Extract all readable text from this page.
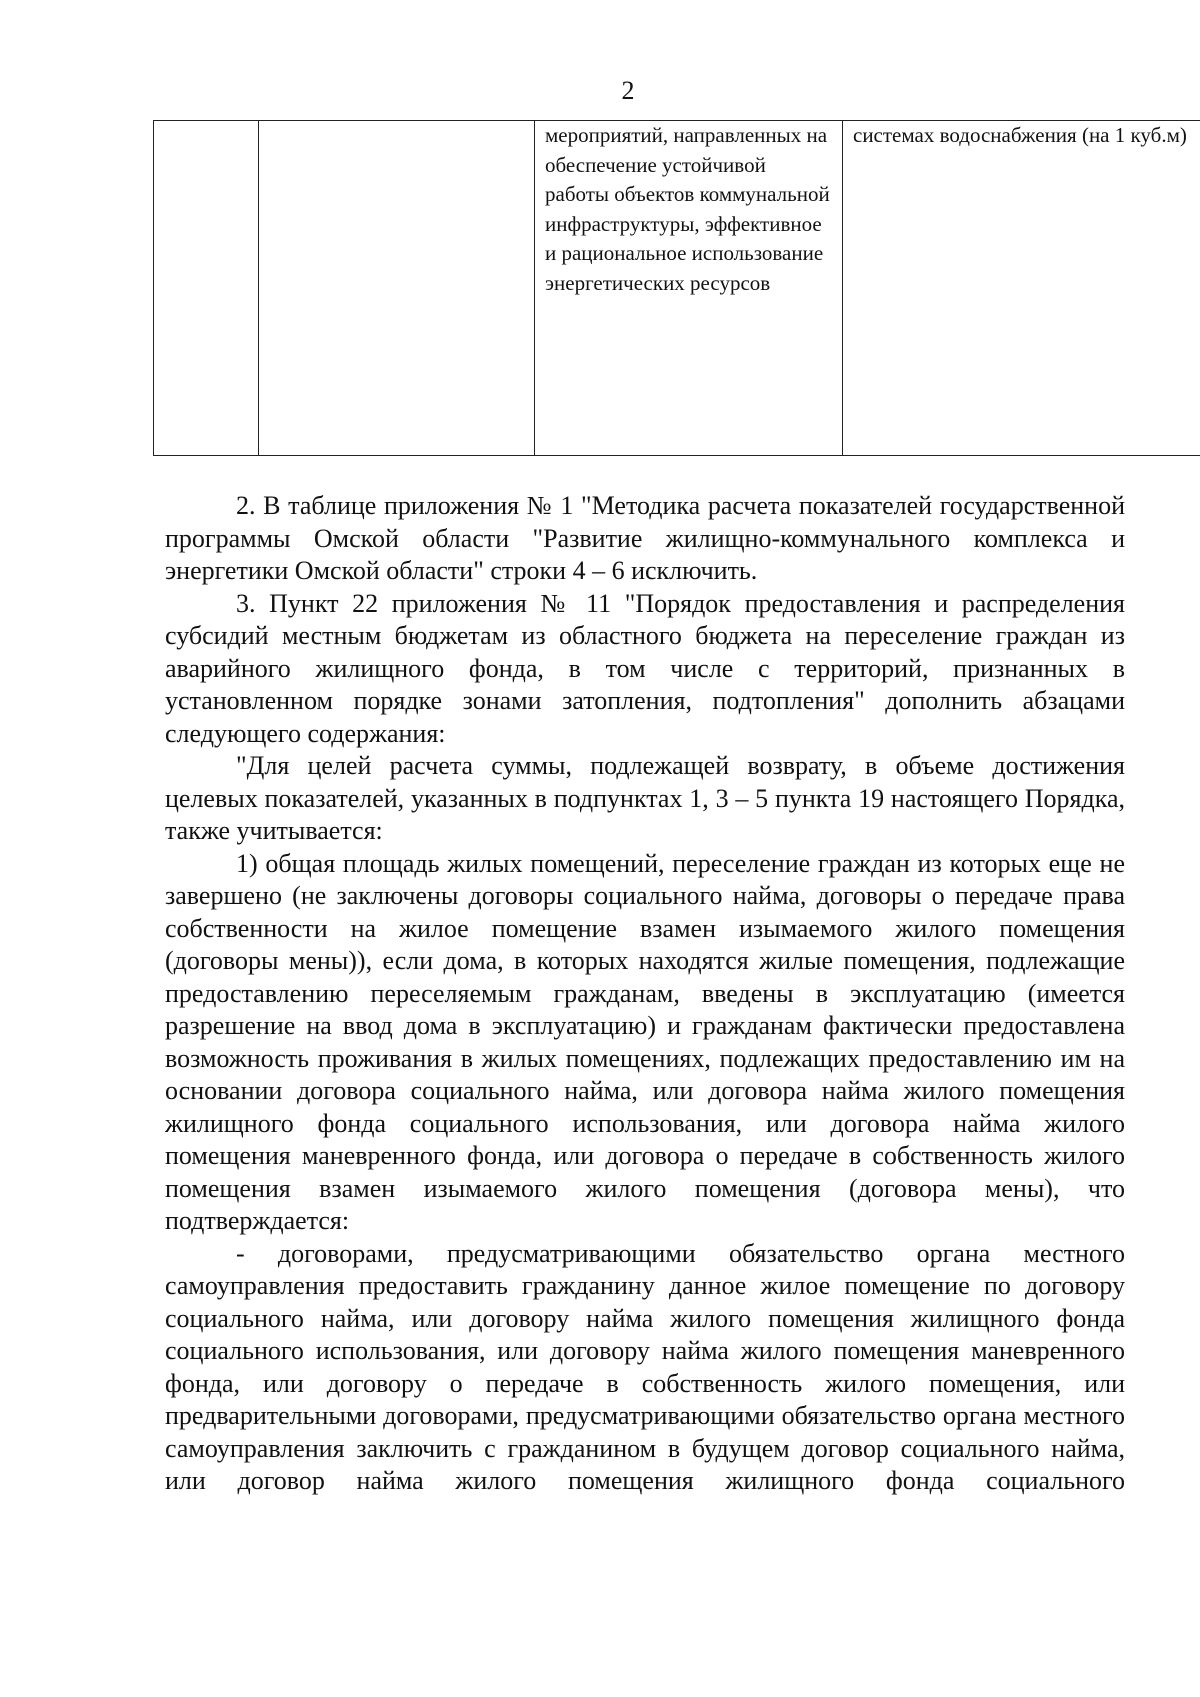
2
		мероприятий, направленных на обеспечение устойчивой работы объектов коммунальной инфраструктуры, эффективное и рациональное использование энергетических ресурсов	системах водоснабжения (на 1 куб.м)

2. В таблице приложения № 1 "Методика расчета показателей государственной программы Омской области "Развитие жилищно-коммунального комплекса и энергетики Омской области" строки 4 – 6 исключить.

3. Пункт 22 приложения № 11 "Порядок предоставления и распределения субсидий местным бюджетам из областного бюджета на переселение граждан из аварийного жилищного фонда, в том числе с территорий, признанных в установленном порядке зонами затопления, подтопления" дополнить абзацами следующего содержания:

"Для целей расчета суммы, подлежащей возврату, в объеме достижения целевых показателей, указанных в подпунктах 1, 3 – 5 пункта 19 настоящего Порядка, также учитывается:

1) общая площадь жилых помещений, переселение граждан из которых еще не завершено (не заключены договоры социального найма, договоры о передаче права собственности на жилое помещение взамен изымаемого жилого помещения (договоры мены)), если дома, в которых находятся жилые помещения, подлежащие предоставлению переселяемым гражданам, введены в эксплуатацию (имеется разрешение на ввод дома в эксплуатацию) и гражданам фактически предоставлена возможность проживания в жилых помещениях, подлежащих предоставлению им на основании договора социального найма, или договора найма жилого помещения жилищного фонда социального использования, или договора найма жилого помещения маневренного фонда, или договора о передаче в собственность жилого помещения взамен изымаемого жилого помещения (договора мены), что подтверждается:

- договорами, предусматривающими обязательство органа местного самоуправления предоставить гражданину данное жилое помещение по договору социального найма, или договору найма жилого помещения жилищного фонда социального использования, или договору найма жилого помещения маневренного фонда, или договору о передаче в собственность жилого помещения, или предварительными договорами, предусматривающими обязательство органа местного самоуправления заключить с гражданином в будущем договор социального найма, или договор найма жилого помещения жилищного фонда социального
